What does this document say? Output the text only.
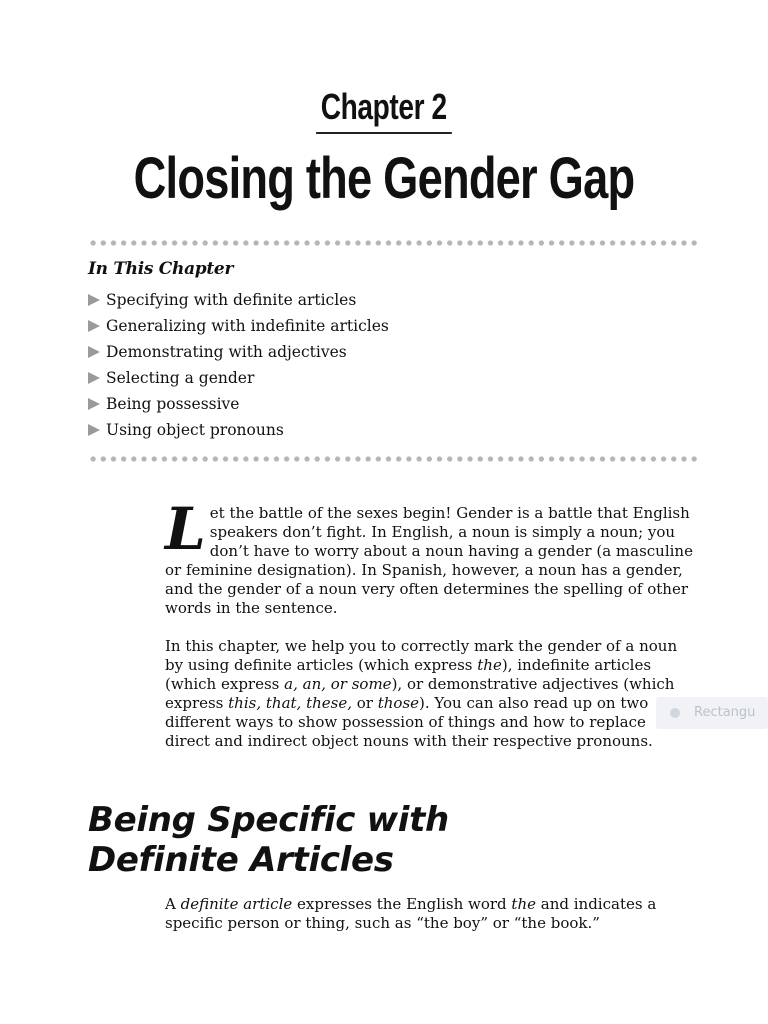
Chapter 2
Closing the Gender Gap
In This Chapter
Specifying with definite articles
Generalizing with indefinite articles
Demonstrating with adjectives
Selecting a gender
Being possessive
Using object pronouns

Let the battle of the sexes begin! Gender is a battle that English speakers don’t fight. In English, a noun is simply a noun; you don’t have to worry about a noun having a gender (a masculine or feminine designation). In Spanish, however, a noun has a gender, and the gender of a noun very often determines the spelling of other words in the sentence.

In this chapter, we help you to correctly mark the gender of a noun by using definite articles (which express the), indefinite articles (which express a, an, or some), or demonstrative adjectives (which express this, that, these, or those). You can also read up on two different ways to show possession of things and how to replace direct and indirect object nouns with their respective pronouns.

Being Specific with
Definite Articles

A definite article expresses the English word the and indicates a specific person or thing, such as “the boy” or “the book.”

Rectangu
